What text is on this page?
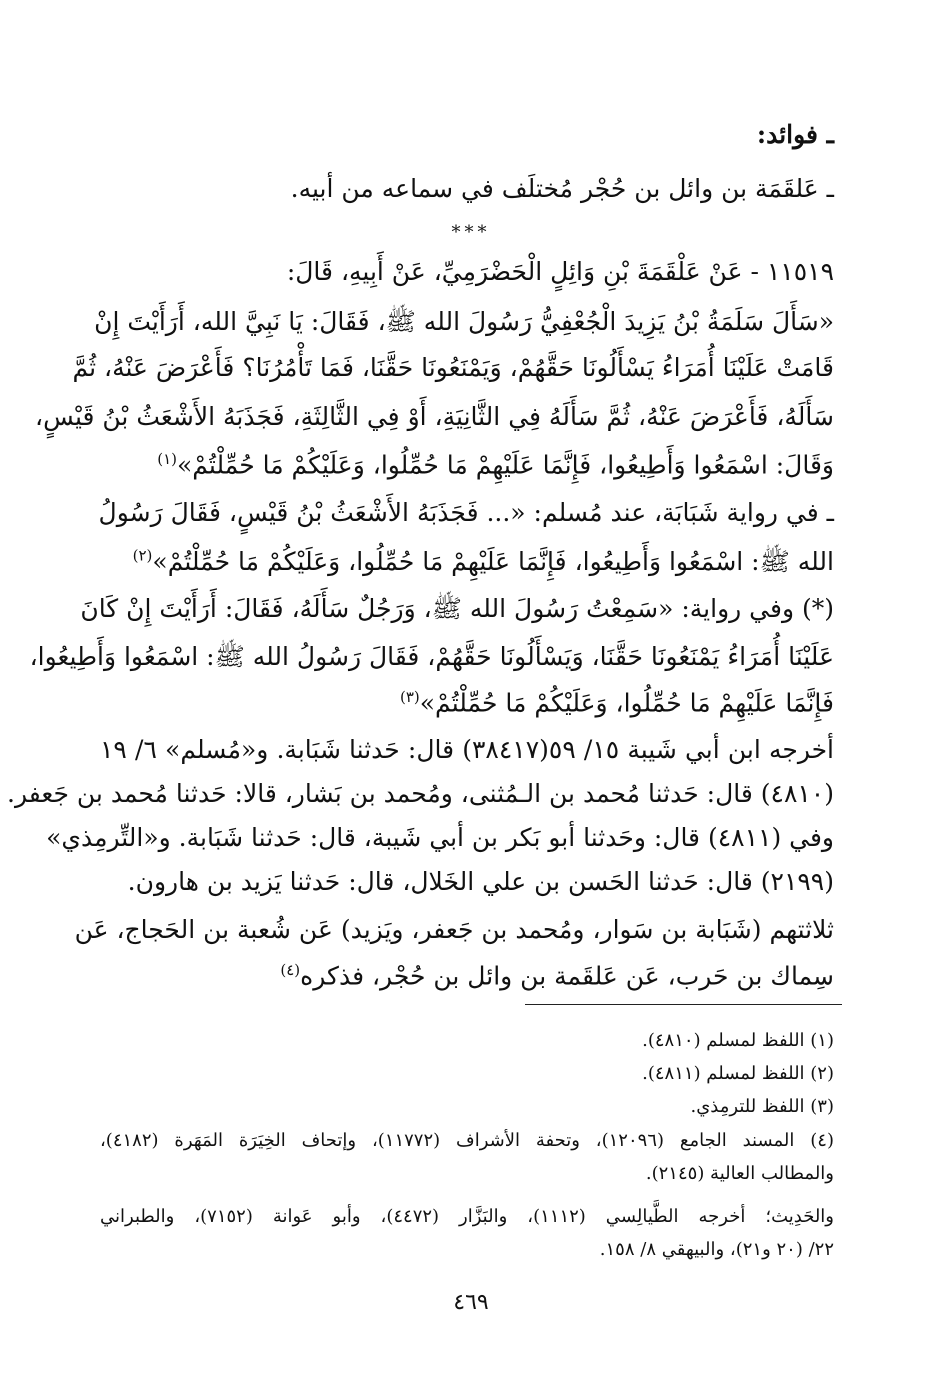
ـ فوائد:
ـ عَلقَمَة بن وائل بن حُجْر مُختلَف في سماعه من أبيه.
***
١١٥١٩ - عَنْ عَلْقَمَةَ بْنِ وَائِلٍ الْحَضْرَمِيِّ، عَنْ أَبِيهِ، قَالَ:
«سَأَلَ سَلَمَةُ بْنُ يَزِيدَ الْجُعْفِيُّ رَسُولَ الله ﷺ، فَقَالَ: يَا نَبِيَّ الله، أَرَأَيْتَ إِنْ
قَامَتْ عَلَيْنَا أُمَرَاءُ يَسْأَلُونَا حَقَّهُمْ، وَيَمْنَعُونَا حَقَّنَا، فَمَا تَأْمُرُنَا؟ فَأَعْرَضَ عَنْهُ، ثُمَّ
سَأَلَهُ، فَأَعْرَضَ عَنْهُ، ثُمَّ سَأَلَهُ فِي الثَّانِيَةِ، أَوْ فِي الثَّالِثَةِ، فَجَذَبَهُ الأَشْعَثُ بْنُ قَيْسٍ،
وَقَالَ: اسْمَعُوا وَأَطِيعُوا، فَإِنَّمَا عَلَيْهِمْ مَا حُمِّلُوا، وَعَلَيْكُمْ مَا حُمِّلْتُمْ»$^{(١)}$
ـ في رواية شَبَابَة، عند مُسلم: «... فَجَذَبَهُ الأَشْعَثُ بْنُ قَيْسٍ، فَقَالَ رَسُولُ
الله ﷺ: اسْمَعُوا وَأَطِيعُوا، فَإِنَّمَا عَلَيْهِمْ مَا حُمِّلُوا، وَعَلَيْكُمْ مَا حُمِّلْتُمْ»$^{(٢)}$
(*) وفي رواية: «سَمِعْتُ رَسُولَ الله ﷺ، وَرَجُلٌ سَأَلَهُ، فَقَالَ: أَرَأَيْتَ إِنْ كَانَ
عَلَيْنَا أُمَرَاءُ يَمْنَعُونَا حَقَّنَا، وَيَسْأَلُونَا حَقَّهُمْ، فَقَالَ رَسُولُ الله ﷺ: اسْمَعُوا وَأَطِيعُوا،
فَإِنَّمَا عَلَيْهِمْ مَا حُمِّلُوا، وَعَلَيْكُمْ مَا حُمِّلْتُمْ»$^{(٣)}$
أخرجه ابن أبي شَيبة ١٥/ ٥٩(٣٨٤١٧) قال: حَدثنا شَبَابة. و«مُسلم» ٦/ ١٩
(٤٨١٠) قال: حَدثنا مُحمد بن الـمُثنى، ومُحمد بن بَشار، قالا: حَدثنا مُحمد بن جَعفر.
وفي (٤٨١١) قال: وحَدثنا أبو بَكر بن أبي شَيبة، قال: حَدثنا شَبَابة. و«التِّرمِذي»
(٢١٩٩) قال: حَدثنا الحَسن بن علي الخَلال، قال: حَدثنا يَزيد بن هارون.
ثلاثتهم (شَبَابة بن سَوار، ومُحمد بن جَعفر، ويَزيد) عَن شُعبة بن الحَجاج، عَن
سِماك بن حَرب، عَن عَلقَمة بن وائل بن حُجْر، فذكره$^{(٤)}$
(١) اللفظ لمسلم (٤٨١٠).
(٢) اللفظ لمسلم (٤٨١١).
(٣) اللفظ للترمِذي.
(٤) المسند الجامع (١٢٠٩٦)، وتحفة الأشراف (١١٧٧٢)، وإتحاف الخِيَرَة المَهَرة (٤١٨٢)،
والمطالب العالية (٢١٤٥).
والحَدِيث؛ أخرجه الطَّيالِسي (١١١٢)، والبَزَّار (٤٤٧٢)، وأبو عَوانة (٧١٥٢)، والطبراني
٢٢/ (٢٠ و٢١)، والبيهقي ٨/ ١٥٨.
٤٦٩
